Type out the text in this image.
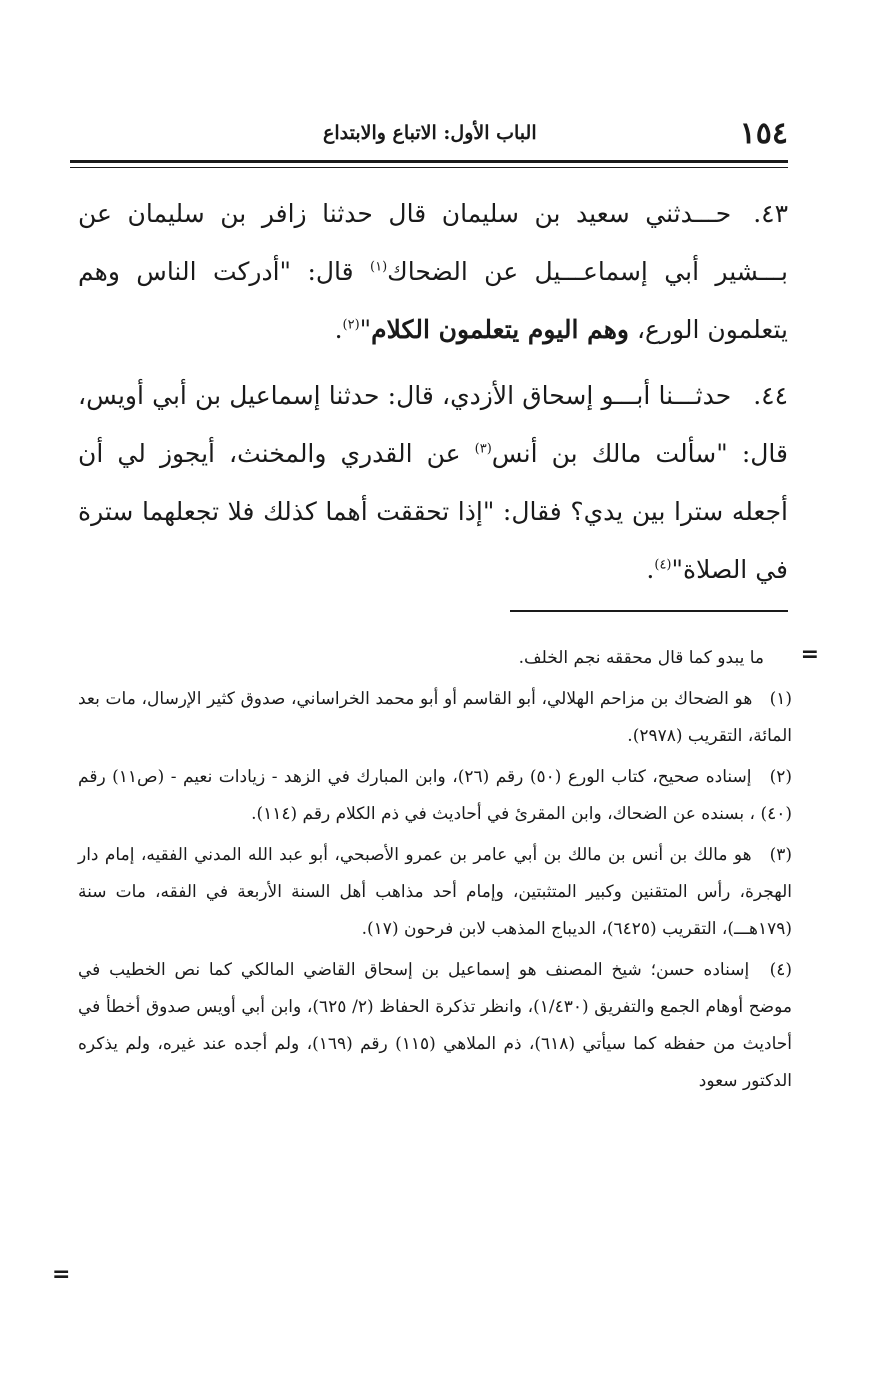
١٥٤
الباب الأول: الاتباع والابتداع

٤٣.حـــدثني سعيد بن سليمان قال حدثنا زافر بن سليمان عن بـــشير أبي إسماعـــيل عن الضحاك$^{(١)}$ قال: "أدركت الناس وهم يتعلمون الورع، وهم اليوم يتعلمون الكلام"$^{(٢)}$.

٤٤.حدثـــنا أبـــو إسحاق الأزدي، قال: حدثنا إسماعيل بن أبي أويس، قال: "سألت مالك بن أنس$^{(٣)}$ عن القدري والمخنث، أيجوز لي أن أجعله سترا بين يدي؟ فقال: "إذا تحققت أهما كذلك فلا تجعلهما سترة في الصلاة"$^{(٤)}$.

=

ما يبدو كما قال محققه نجم الخلف.

(١) هو الضحاك بن مزاحم الهلالي، أبو القاسم أو أبو محمد الخراساني، صدوق كثير الإرسال، مات بعد المائة، التقريب (٢٩٧٨).

(٢) إسناده صحيح، كتاب الورع (٥٠) رقم (٢٦)، وابن المبارك في الزهد - زيادات نعيم - (ص١١) رقم (٤٠) ، بسنده عن الضحاك، وابن المقرئ في أحاديث في ذم الكلام رقم (١١٤).

(٣) هو مالك بن أنس بن مالك بن أبي عامر بن عمرو الأصبحي، أبو عبد الله المدني الفقيه، إمام دار الهجرة، رأس المتقنين وكبير المتثبتين، وإمام أحد مذاهب أهل السنة الأربعة في الفقه، مات سنة (١٧٩هـــ)، التقريب (٦٤٢٥)، الديباج المذهب لابن فرحون (١٧).

(٤) إسناده حسن؛ شيخ المصنف هو إسماعيل بن إسحاق القاضي المالكي كما نص الخطيب في موضح أوهام الجمع والتفريق (١/٤٣٠)، وانظر تذكرة الحفاظ (٢/ ٦٢٥)، وابن أبي أويس صدوق أخطأ في أحاديث من حفظه كما سيأتي (٦١٨)، ذم الملاهي (١١٥) رقم (١٦٩)، ولم أجده عند غيره، ولم يذكره الدكتور سعود

=
